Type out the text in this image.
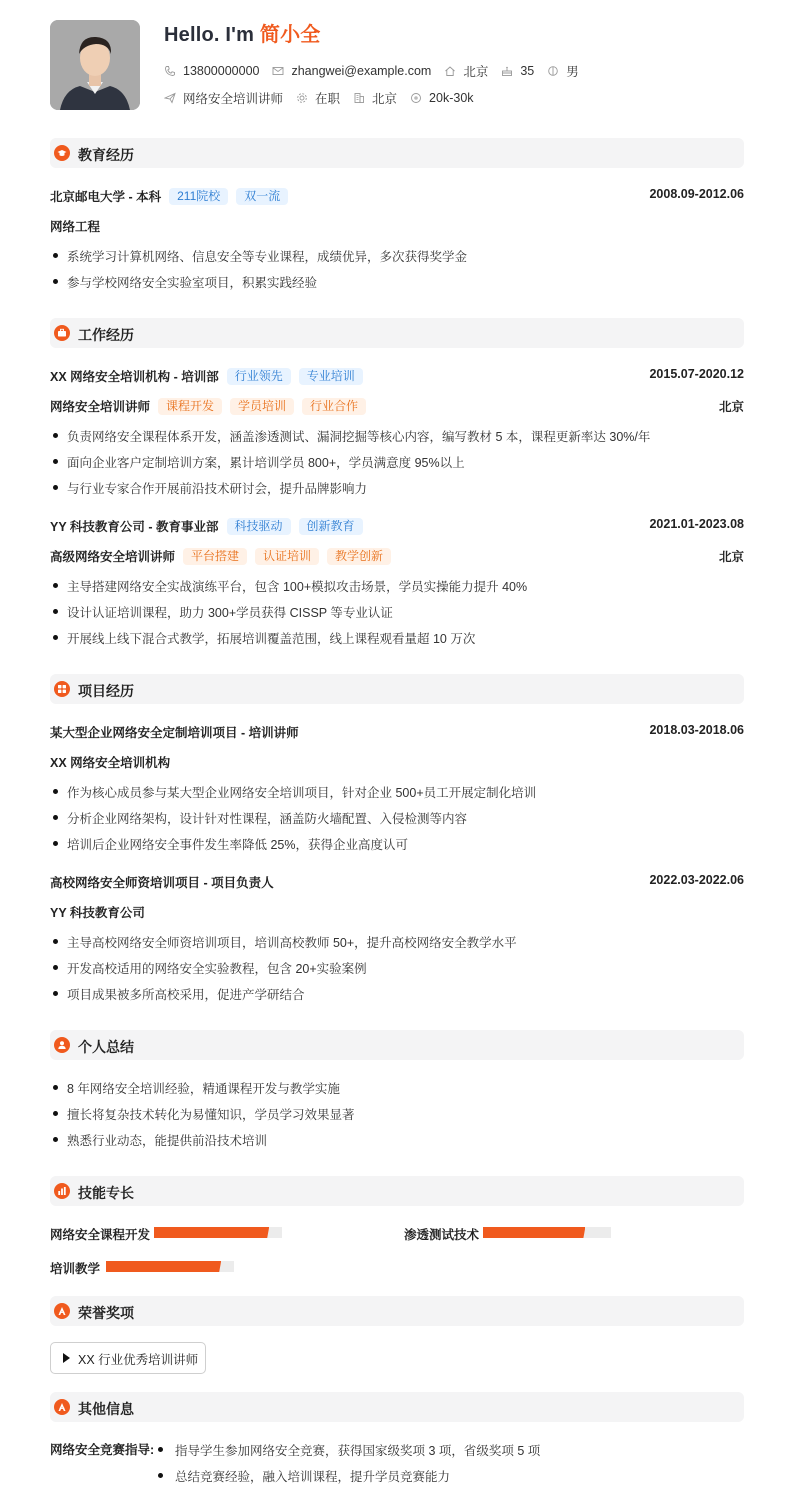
Hello. I'm 简小全
13800000000	zhangwei@example.com	北京	35	男
网络安全培训讲师	在职	北京	20k-30k
教育经历
北京邮电大学 - 本科	211院校	双一流	2008.09-2012.06
网络工程
系统学习计算机网络、信息安全等专业课程，成绩优异，多次获得奖学金
参与学校网络安全实验室项目，积累实践经验
工作经历
XX 网络安全培训机构 - 培训部	行业领先	专业培训	2015.07-2020.12
网络安全培训讲师	课程开发	学员培训	行业合作	北京
负责网络安全课程体系开发，涵盖渗透测试、漏洞挖掘等核心内容，编写教材 5 本，课程更新率达 30%/年
面向企业客户定制培训方案，累计培训学员 800+，学员满意度 95%以上
与行业专家合作开展前沿技术研讨会，提升品牌影响力
YY 科技教育公司 - 教育事业部	科技驱动	创新教育	2021.01-2023.08
高级网络安全培训讲师	平台搭建	认证培训	教学创新	北京
主导搭建网络安全实战演练平台，包含 100+模拟攻击场景，学员实操能力提升 40%
设计认证培训课程，助力 300+学员获得 CISSP 等专业认证
开展线上线下混合式教学，拓展培训覆盖范围，线上课程观看量超 10 万次
项目经历
某大型企业网络安全定制培训项目 - 培训讲师	2018.03-2018.06
XX 网络安全培训机构
作为核心成员参与某大型企业网络安全培训项目，针对企业 500+员工开展定制化培训
分析企业网络架构，设计针对性课程，涵盖防火墙配置、入侵检测等内容
培训后企业网络安全事件发生率降低 25%，获得企业高度认可
高校网络安全师资培训项目 - 项目负责人	2022.03-2022.06
YY 科技教育公司
主导高校网络安全师资培训项目，培训高校教师 50+，提升高校网络安全教学水平
开发高校适用的网络安全实验教程，包含 20+实验案例
项目成果被多所高校采用，促进产学研结合
个人总结
8 年网络安全培训经验，精通课程开发与教学实施
擅长将复杂技术转化为易懂知识，学员学习效果显著
熟悉行业动态，能提供前沿技术培训
技能专长
网络安全课程开发	渗透测试技术
培训教学
荣誉奖项
XX 行业优秀培训讲师
其他信息
网络安全竞赛指导: 指导学生参加网络安全竞赛，获得国家级奖项 3 项，省级奖项 5 项
总结竞赛经验，融入培训课程，提升学员竞赛能力
